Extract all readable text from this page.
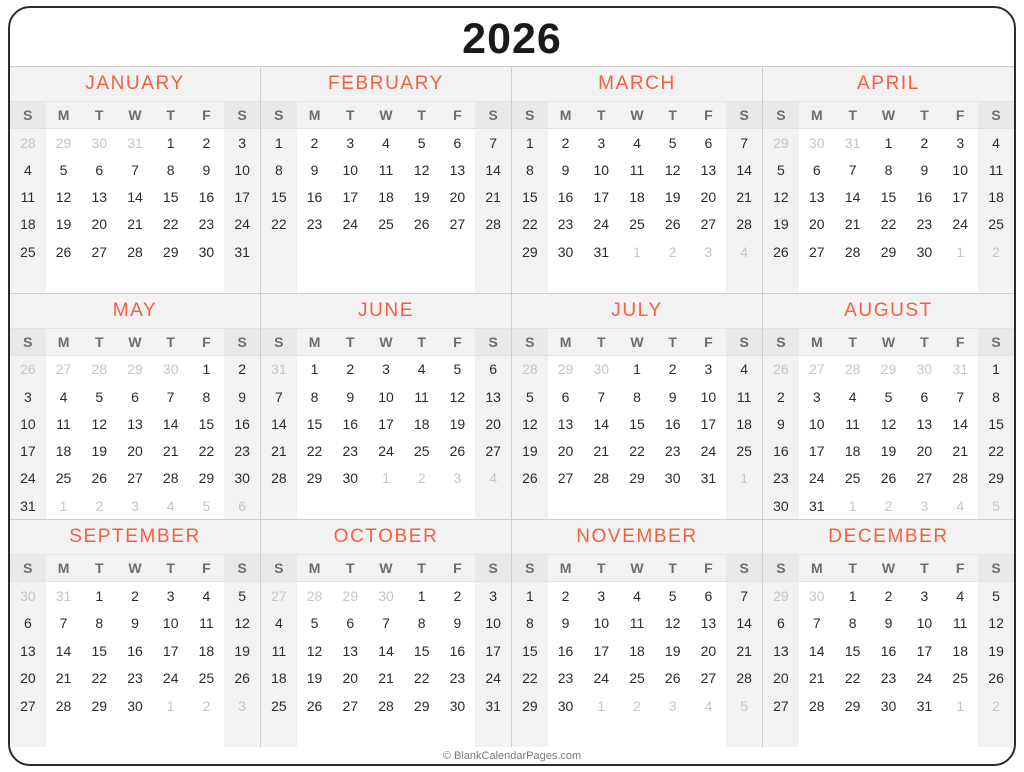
2026
JANUARY
S	M	T	W	T	F	S
28	29	30	31	1	2	3
4	5	6	7	8	9	10
11	12	13	14	15	16	17
18	19	20	21	22	23	24
25	26	27	28	29	30	31
FEBRUARY
S	M	T	W	T	F	S
1	2	3	4	5	6	7
8	9	10	11	12	13	14
15	16	17	18	19	20	21
22	23	24	25	26	27	28
MARCH
S	M	T	W	T	F	S
1	2	3	4	5	6	7
8	9	10	11	12	13	14
15	16	17	18	19	20	21
22	23	24	25	26	27	28
29	30	31	1	2	3	4
APRIL
S	M	T	W	T	F	S
29	30	31	1	2	3	4
5	6	7	8	9	10	11
12	13	14	15	16	17	18
19	20	21	22	23	24	25
26	27	28	29	30	1	2
MAY
S	M	T	W	T	F	S
26	27	28	29	30	1	2
3	4	5	6	7	8	9
10	11	12	13	14	15	16
17	18	19	20	21	22	23
24	25	26	27	28	29	30
31	1	2	3	4	5	6
JUNE
S	M	T	W	T	F	S
31	1	2	3	4	5	6
7	8	9	10	11	12	13
14	15	16	17	18	19	20
21	22	23	24	25	26	27
28	29	30	1	2	3	4
JULY
S	M	T	W	T	F	S
28	29	30	1	2	3	4
5	6	7	8	9	10	11
12	13	14	15	16	17	18
19	20	21	22	23	24	25
26	27	28	29	30	31	1
AUGUST
S	M	T	W	T	F	S
26	27	28	29	30	31	1
2	3	4	5	6	7	8
9	10	11	12	13	14	15
16	17	18	19	20	21	22
23	24	25	26	27	28	29
30	31	1	2	3	4	5
SEPTEMBER
S	M	T	W	T	F	S
30	31	1	2	3	4	5
6	7	8	9	10	11	12
13	14	15	16	17	18	19
20	21	22	23	24	25	26
27	28	29	30	1	2	3
OCTOBER
S	M	T	W	T	F	S
27	28	29	30	1	2	3
4	5	6	7	8	9	10
11	12	13	14	15	16	17
18	19	20	21	22	23	24
25	26	27	28	29	30	31
NOVEMBER
S	M	T	W	T	F	S
1	2	3	4	5	6	7
8	9	10	11	12	13	14
15	16	17	18	19	20	21
22	23	24	25	26	27	28
29	30	1	2	3	4	5
DECEMBER
S	M	T	W	T	F	S
29	30	1	2	3	4	5
6	7	8	9	10	11	12
13	14	15	16	17	18	19
20	21	22	23	24	25	26
27	28	29	30	31	1	2
© BlankCalendarPages.com
